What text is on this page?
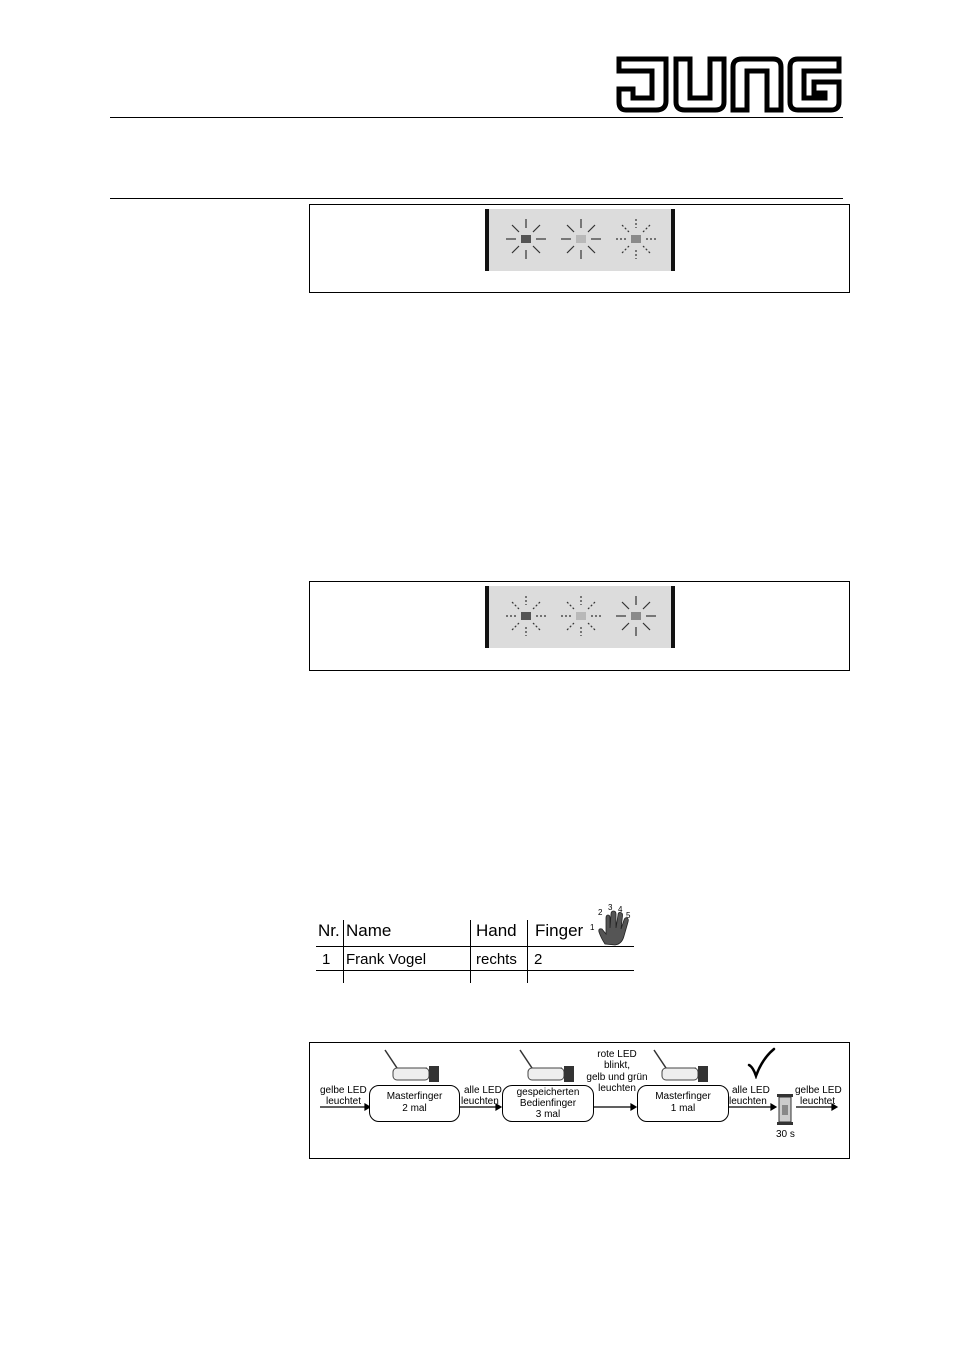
Nr. Name	Hand Finger
1 Frank Vogel	rechts 2
1
2
3 4
5
gelbe LED
leuchtet	Masterfinger
2 mal
alle LED
leuchten
gespeicherten
Bedienfinger
3 mal
rote LED
blinkt,
gelb und grün
leuchten
Masterfinger
1 mal
alle LED
leuchten
30 s
gelbe LED
leuchtet
